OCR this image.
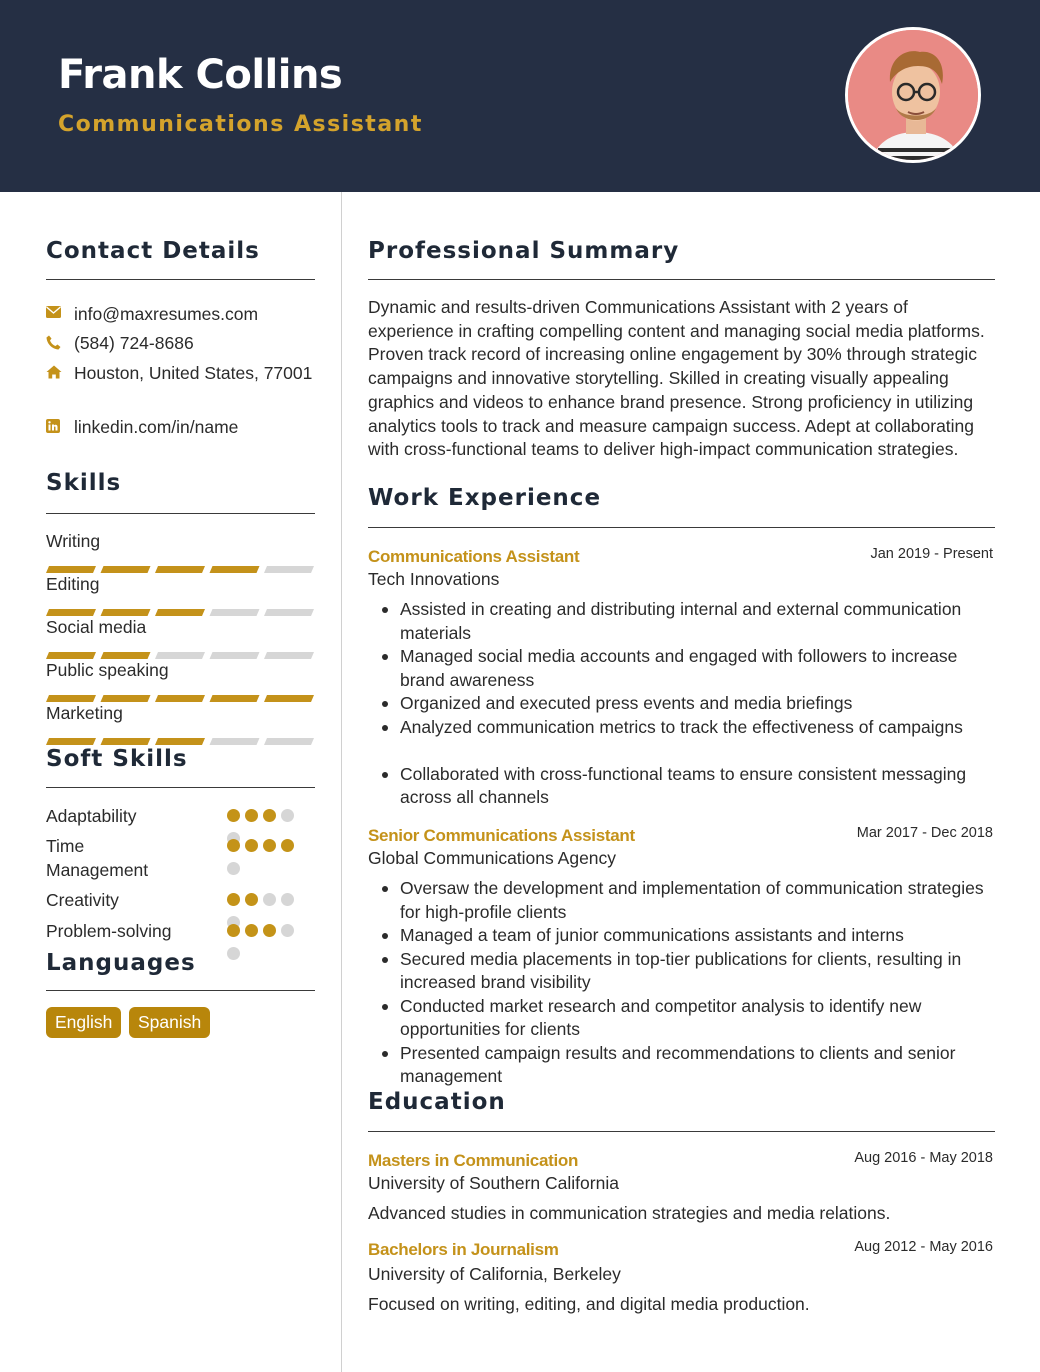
Frank Collins
Communications Assistant
Contact Details
info@maxresumes.com
(584) 724-8686
Houston, United States, 77001
linkedin.com/in/name
Skills
Writing
Editing
Social media
Public speaking
Marketing
Soft Skills
Adaptability
Time Management
Creativity
Problem-solving
Languages
English	Spanish
Professional Summary
Dynamic and results-driven Communications Assistant with 2 years of experience in crafting compelling content and managing social media platforms. Proven track record of increasing online engagement by 30% through strategic campaigns and innovative storytelling. Skilled in creating visually appealing graphics and videos to enhance brand presence. Strong proficiency in utilizing analytics tools to track and measure campaign success. Adept at collaborating with cross-functional teams to deliver high-impact communication strategies.
Work Experience
Communications Assistant	Jan 2019 - Present
Tech Innovations
Assisted in creating and distributing internal and external communication materials
Managed social media accounts and engaged with followers to increase brand awareness
Organized and executed press events and media briefings
Analyzed communication metrics to track the effectiveness of campaigns
Collaborated with cross-functional teams to ensure consistent messaging across all channels
Senior Communications Assistant	Mar 2017 - Dec 2018
Global Communications Agency
Oversaw the development and implementation of communication strategies for high-profile clients
Managed a team of junior communications assistants and interns
Secured media placements in top-tier publications for clients, resulting in increased brand visibility
Conducted market research and competitor analysis to identify new opportunities for clients
Presented campaign results and recommendations to clients and senior management
Education
Masters in Communication	Aug 2016 - May 2018
University of Southern California
Advanced studies in communication strategies and media relations.
Bachelors in Journalism	Aug 2012 - May 2016
University of California, Berkeley
Focused on writing, editing, and digital media production.
